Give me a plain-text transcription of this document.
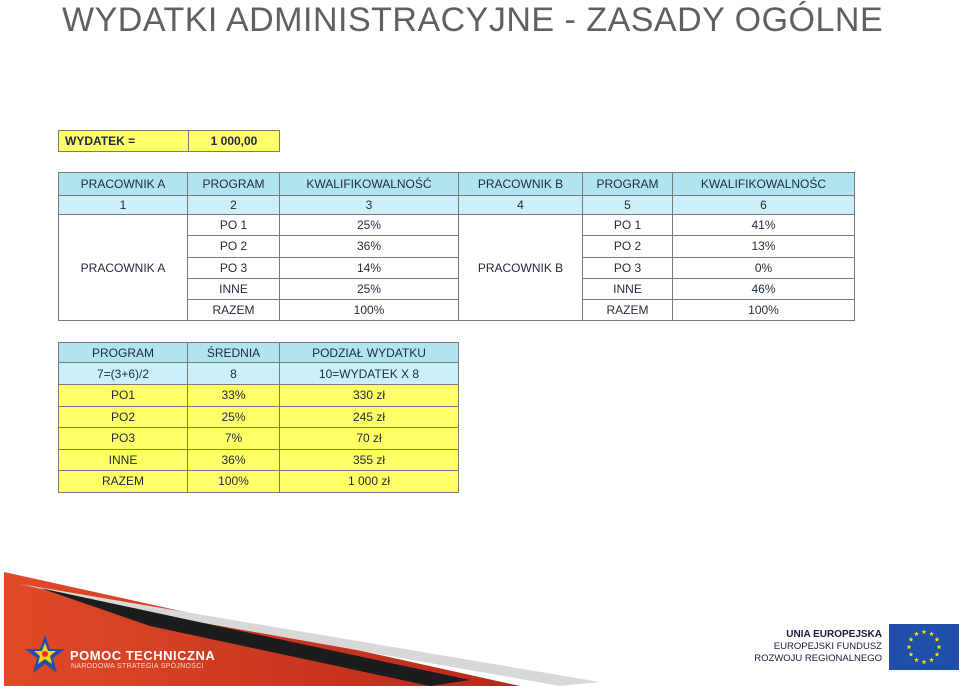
WYDATKI ADMINISTRACYJNE - ZASADY OGÓLNE
WYDATEK =	1 000,00
PRACOWNIK A	PROGRAM	KWALIFIKOWALNOŚĆ	PRACOWNIK B	PROGRAM	KWALIFIKOWALNOŚC
1	2	3	4	5	6
PRACOWNIK A	PO 1	25%	PRACOWNIK B	PO 1	41%
	PO 2	36%		PO 2	13%
	PO 3	14%		PO 3	0%
	INNE	25%		INNE	46%
	RAZEM	100%		RAZEM	100%
PROGRAM	ŚREDNIA	PODZIAŁ WYDATKU
7=(3+6)/2	8	10=WYDATEK X 8
PO1	33%	330 zł
PO2	25%	245 zł
PO3	7%	70 zł
INNE	36%	355 zł
RAZEM	100%	1 000 zł
POMOC TECHNICZNA
NARODOWA STRATEGIA SPÓJNOŚCI
UNIA EUROPEJSKA
EUROPEJSKI FUNDUSZ
ROZWOJU REGIONALNEGO
